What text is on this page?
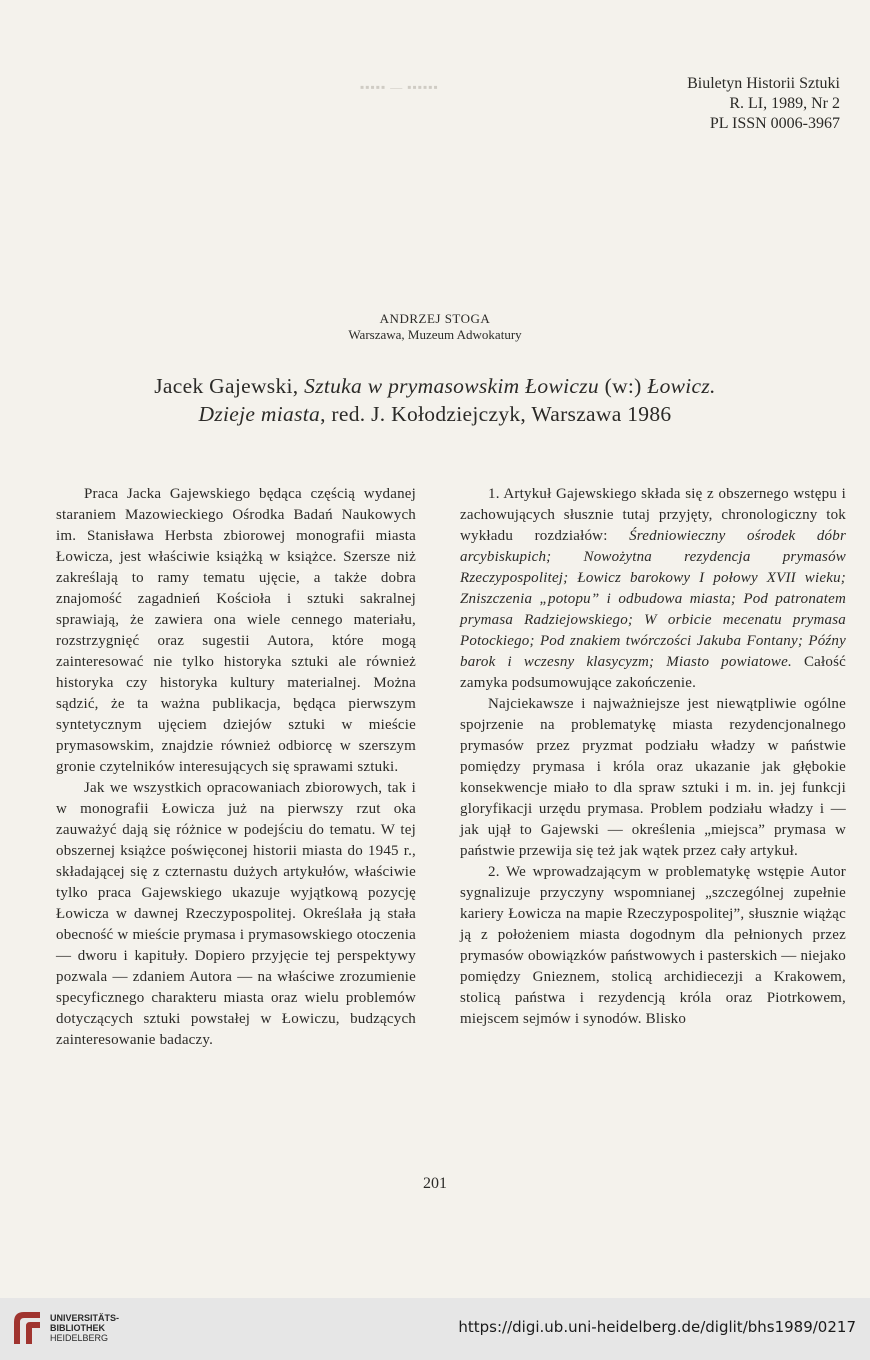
▪▪▪▪▪ — ▪▪▪▪▪▪	Biuletyn Historii Sztuki
R. LI, 1989, Nr 2
PL ISSN 0006-3967
ANDRZEJ STOGA
Warszawa, Muzeum Adwokatury
Jacek Gajewski, Sztuka w prymasowskim Łowiczu (w:) Łowicz.
Dzieje miasta, red. J. Kołodziejczyk, Warszawa 1986

Praca Jacka Gajewskiego będąca częścią wydanej staraniem Mazowieckiego Ośrodka Badań Naukowych im. Stanisława Herbsta zbiorowej monografii miasta Łowicza, jest właściwie książką w książce. Szersze niż zakreślają to ramy tematu ujęcie, a także dobra znajomość zagadnień Kościoła i sztuki sakralnej sprawiają, że zawiera ona wiele cennego materiału, rozstrzygnięć oraz sugestii Autora, które mogą zainteresować nie tylko historyka sztuki ale również historyka czy historyka kultury materialnej. Można sądzić, że ta ważna publikacja, będąca pierwszym syntetycznym ujęciem dziejów sztuki w mieście prymasowskim, znajdzie również odbiorcę w szerszym gronie czytelników interesujących się sprawami sztuki.

Jak we wszystkich opracowaniach zbiorowych, tak i w monografii Łowicza już na pierwszy rzut oka zauważyć dają się różnice w podejściu do tematu. W tej obszernej książce poświęconej historii miasta do 1945 r., składającej się z czternastu dużych artykułów, właściwie tylko praca Gajewskiego ukazuje wyjątkową pozycję Łowicza w dawnej Rzeczypospolitej. Określała ją stała obecność w mieście prymasa i prymasowskiego otoczenia — dworu i kapituły. Dopiero przyjęcie tej perspektywy pozwala — zdaniem Autora — na właściwe zrozumienie specyficznego charakteru miasta oraz wielu problemów dotyczących sztuki powstałej w Łowiczu, budzących zainteresowanie badaczy.

1. Artykuł Gajewskiego składa się z obszernego wstępu i zachowujących słusznie tutaj przyjęty, chronologiczny tok wykładu rozdziałów: Średniowieczny ośrodek dóbr arcybiskupich; Nowożytna rezydencja prymasów Rzeczypospolitej; Łowicz barokowy I połowy XVII wieku; Zniszczenia „potopu” i odbudowa miasta; Pod patronatem prymasa Radziejowskiego; W orbicie mecenatu prymasa Potockiego; Pod znakiem twórczości Jakuba Fontany; Późny barok i wczesny klasycyzm; Miasto powiatowe. Całość zamyka podsumowujące zakończenie.

Najciekawsze i najważniejsze jest niewątpliwie ogólne spojrzenie na problematykę miasta rezydencjonalnego prymasów przez pryzmat podziału władzy w państwie pomiędzy prymasa i króla oraz ukazanie jak głębokie konsekwencje miało to dla spraw sztuki i m. in. jej funkcji gloryfikacji urzędu prymasa. Problem podziału władzy i — jak ujął to Gajewski — określenia „miejsca” prymasa w państwie przewija się też jak wątek przez cały artykuł.

2. We wprowadzającym w problematykę wstępie Autor sygnalizuje przyczyny wspomnianej „szczególnej zupełnie kariery Łowicza na mapie Rzeczypospolitej”, słusznie wiążąc ją z położeniem miasta dogodnym dla pełnionych przez prymasów obowiązków państwowych i pasterskich — niejako pomiędzy Gnieznem, stolicą archidiecezji a Krakowem, stolicą państwa i rezydencją króla oraz Piotrkowem, miejscem sejmów i synodów. Blisko

201
UNIVERSITÄTS-
BIBLIOTHEK
HEIDELBERG
https://digi.ub.uni-heidelberg.de/diglit/bhs1989/0217
